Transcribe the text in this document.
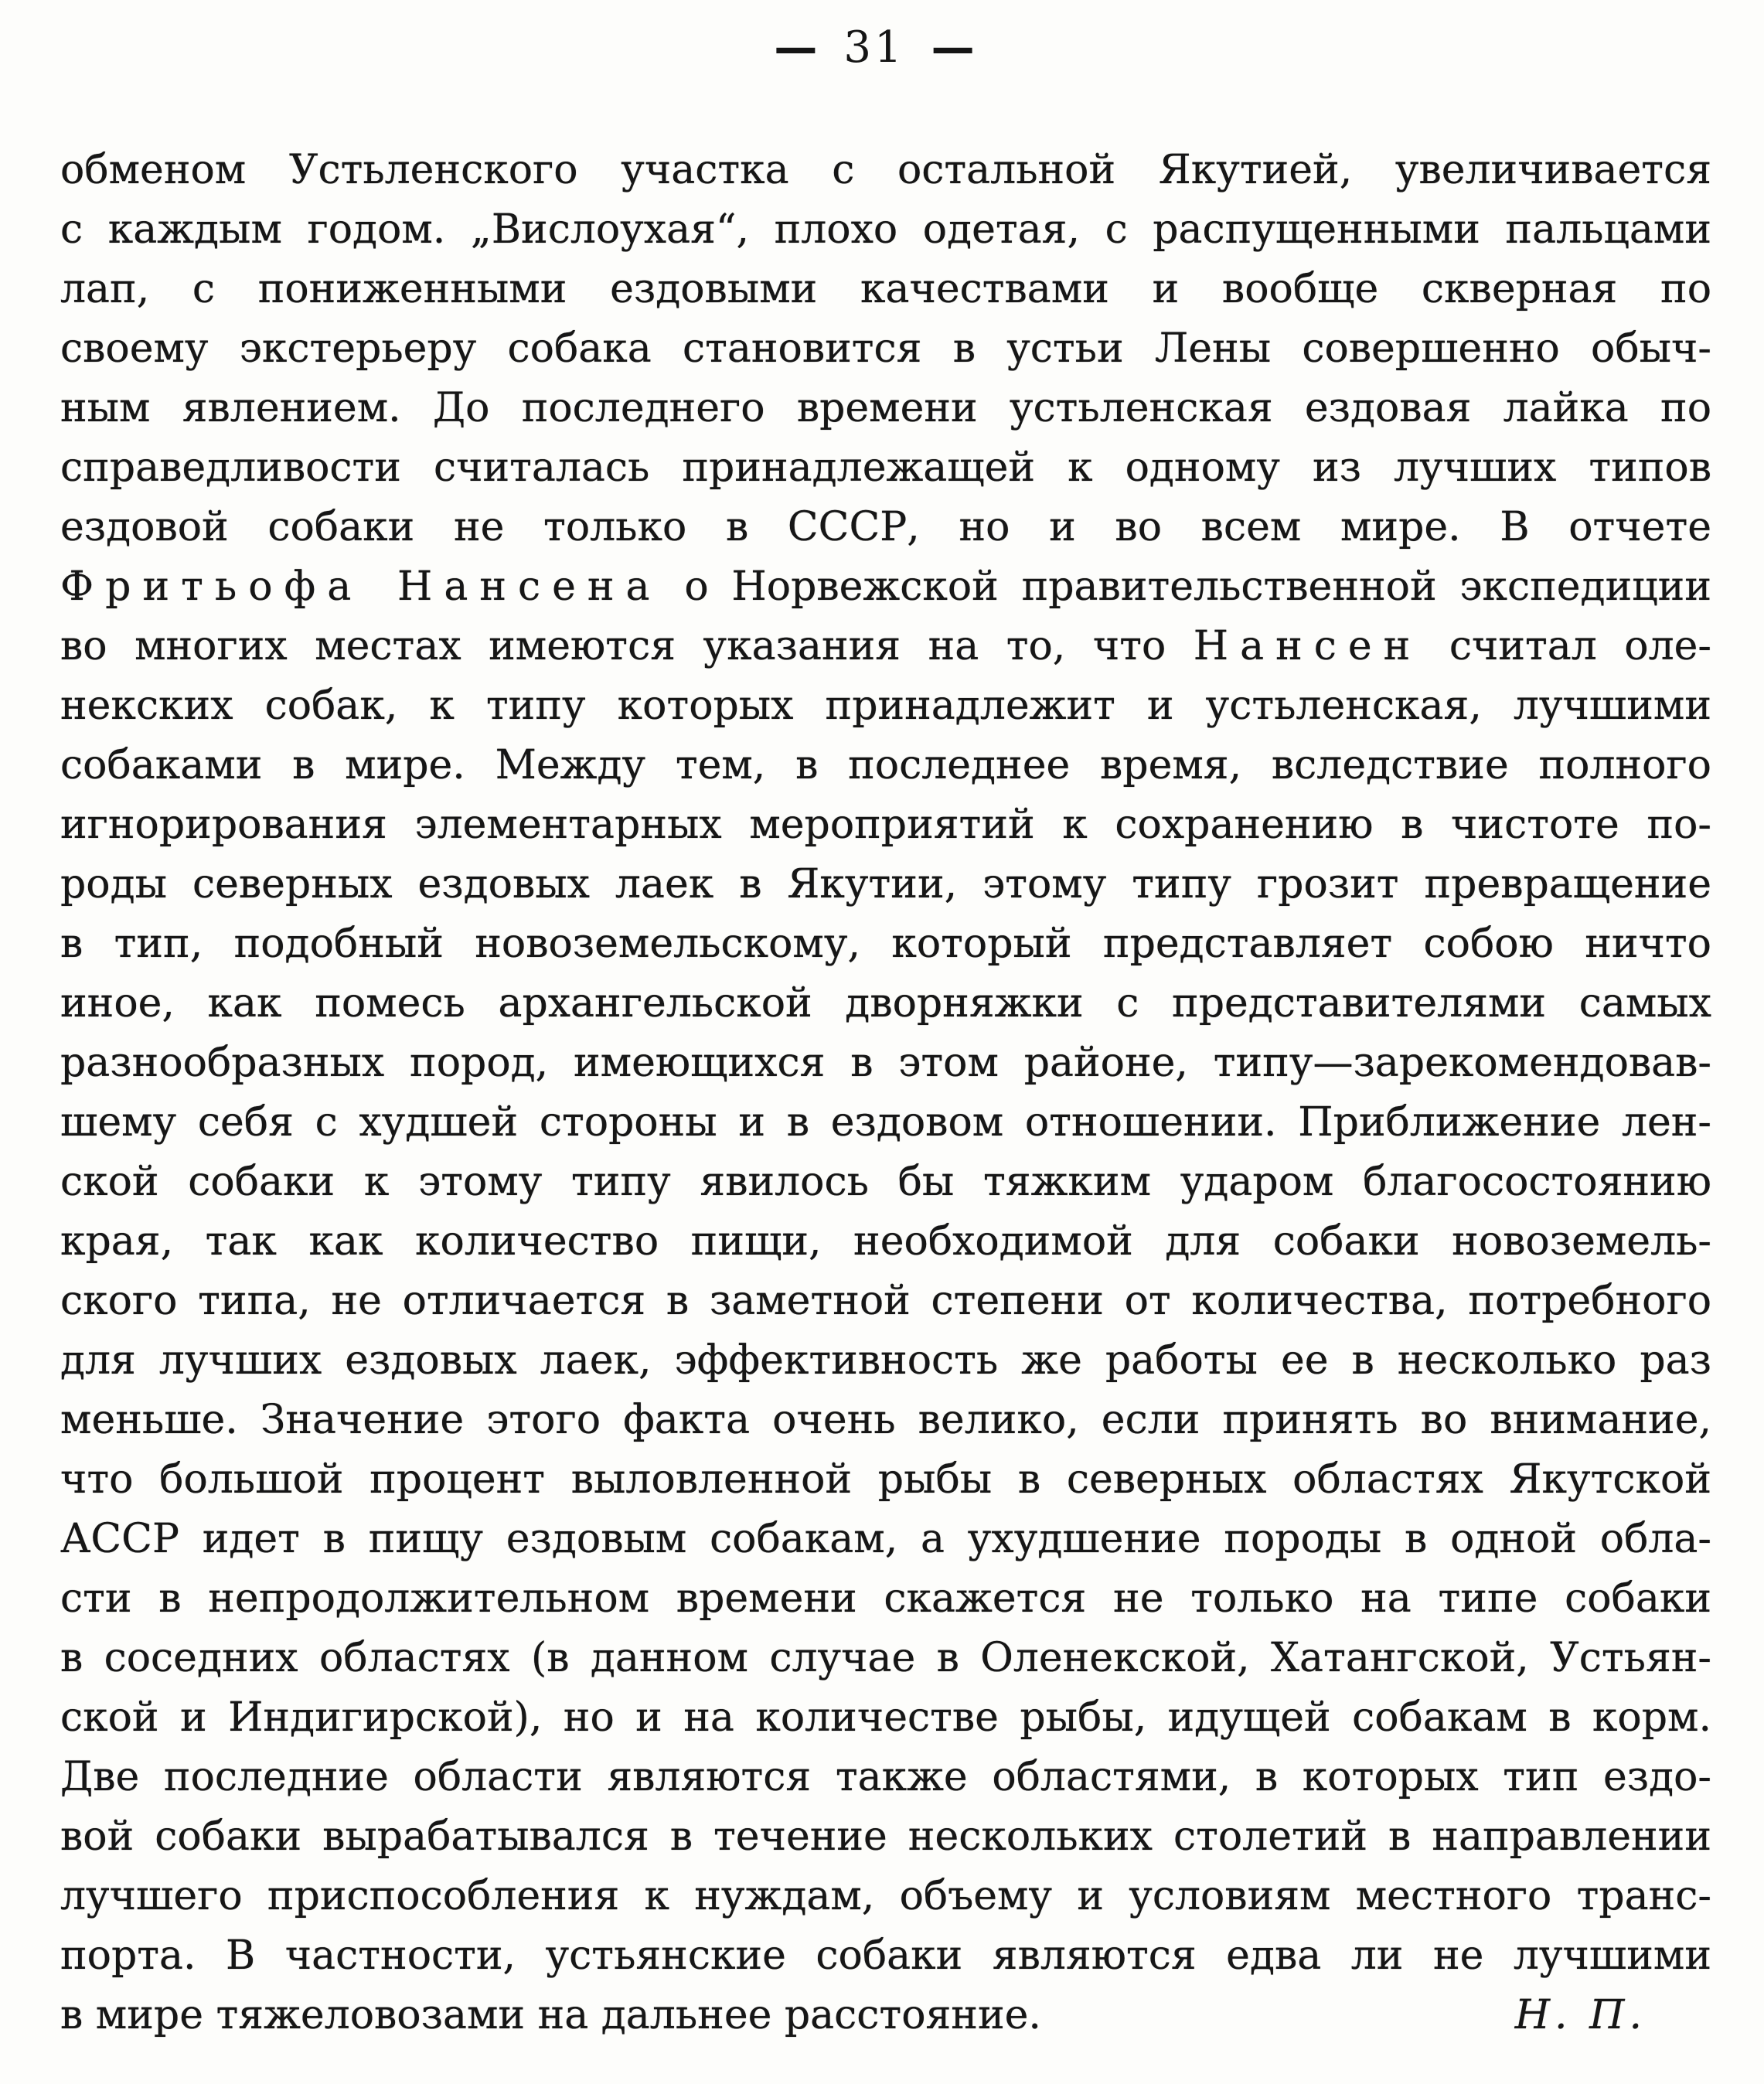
— 31 —
обменом Устьленского участка с остальной Якутией, увеличивается
с каждым годом. „Вислоухая“, плохо одетая, с распущенными пальцами
лап, с пониженными ездовыми качествами и вообще скверная по
своему экстерьеру собака становится в устьи Лены совершенно обыч-
ным явлением. До последнего времени устьленская ездовая лайка по
справедливости считалась принадлежащей к одному из лучших типов
ездовой собаки не только в СССР, но и во всем мире. В отчете
Фритьофа Нансена о Норвежской правительственной экспедиции
во многих местах имеются указания на то, что Нансен считал оле-
некских собак, к типу которых принадлежит и устьленская, лучшими
собаками в мире. Между тем, в последнее время, вследствие полного
игнорирования элементарных мероприятий к сохранению в чистоте по-
роды северных ездовых лаек в Якутии, этому типу грозит превращение
в тип, подобный новоземельскому, который представляет собою ничто
иное, как помесь архангельской дворняжки с представителями самых
разнообразных пород, имеющихся в этом районе, типу—зарекомендовав-
шему себя с худшей стороны и в ездовом отношении. Приближение лен-
ской собаки к этому типу явилось бы тяжким ударом благосостоянию
края, так как количество пищи, необходимой для собаки новоземель-
ского типа, не отличается в заметной степени от количества, потребного
для лучших ездовых лаек, эффективность же работы ее в несколько раз
меньше. Значение этого факта очень велико, если принять во внимание,
что большой процент выловленной рыбы в северных областях Якутской
АССР идет в пищу ездовым собакам, а ухудшение породы в одной обла-
сти в непродолжительном времени скажется не только на типе собаки
в соседних областях (в данном случае в Оленекской, Хатангской, Устьян-
ской и Индигирской), но и на количестве рыбы, идущей собакам в корм.
Две последние области являются также областями, в которых тип ездо-
вой собаки вырабатывался в течение нескольких столетий в направлении
лучшего приспособления к нуждам, объему и условиям местного транс-
порта. В частности, устьянские собаки являются едва ли не лучшими
в мире тяжеловозами на дальнее расстояние.	Н. П.
